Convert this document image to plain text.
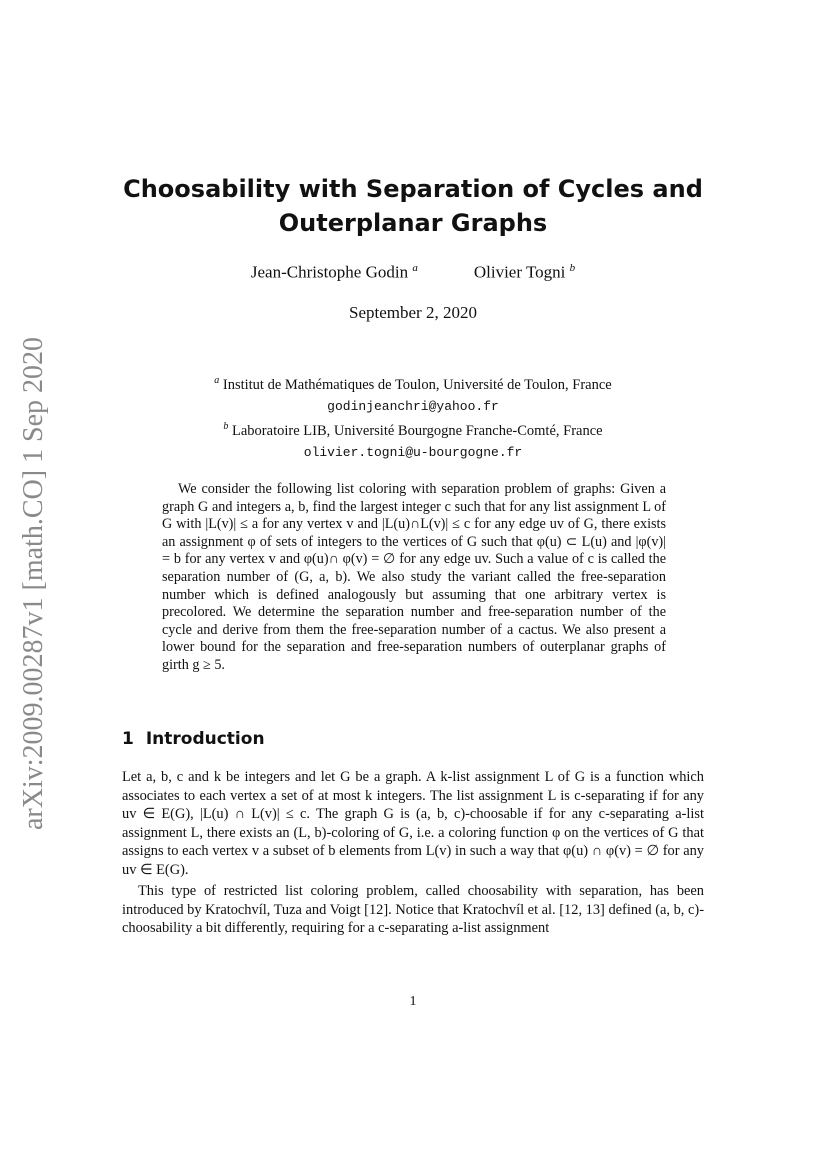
arXiv:2009.00287v1 [math.CO] 1 Sep 2020
Choosability with Separation of Cycles and
Outerplanar Graphs
Jean-Christophe Godin $^a$	Olivier Togni $^b$
September 2, 2020
$^a$ Institut de Mathématiques de Toulon, Université de Toulon, France
godinjeanchri@yahoo.fr
$^b$ Laboratoire LIB, Université Bourgogne Franche-Comté, France
olivier.togni@u-bourgogne.fr
We consider the following list coloring with separation problem of graphs: Given a graph G and integers a, b, find the largest integer c such that for any list assignment L of G with |L(v)| ≤ a for any vertex v and |L(u)∩L(v)| ≤ c for any edge uv of G, there exists an assignment φ of sets of integers to the vertices of G such that φ(u) ⊂ L(u) and |φ(v)| = b for any vertex v and φ(u)∩ φ(v) = ∅ for any edge uv. Such a value of c is called the separation number of (G, a, b). We also study the variant called the free-separation number which is defined analogously but assuming that one arbitrary vertex is precolored. We determine the separation number and free-separation number of the cycle and derive from them the free-separation number of a cactus. We also present a lower bound for the separation and free-separation numbers of outerplanar graphs of girth g ≥ 5.
1 Introduction
Let a, b, c and k be integers and let G be a graph. A k-list assignment L of G is a function which associates to each vertex a set of at most k integers. The list assignment L is c-separating if for any uv ∈ E(G), |L(u) ∩ L(v)| ≤ c. The graph G is (a, b, c)-choosable if for any c-separating a-list assignment L, there exists an (L, b)-coloring of G, i.e. a coloring function φ on the vertices of G that assigns to each vertex v a subset of b elements from L(v) in such a way that φ(u) ∩ φ(v) = ∅ for any uv ∈ E(G).
This type of restricted list coloring problem, called choosability with separation, has been introduced by Kratochvíl, Tuza and Voigt [12]. Notice that Kratochvíl et al. [12, 13] defined (a, b, c)-choosability a bit differently, requiring for a c-separating a-list assignment
1
